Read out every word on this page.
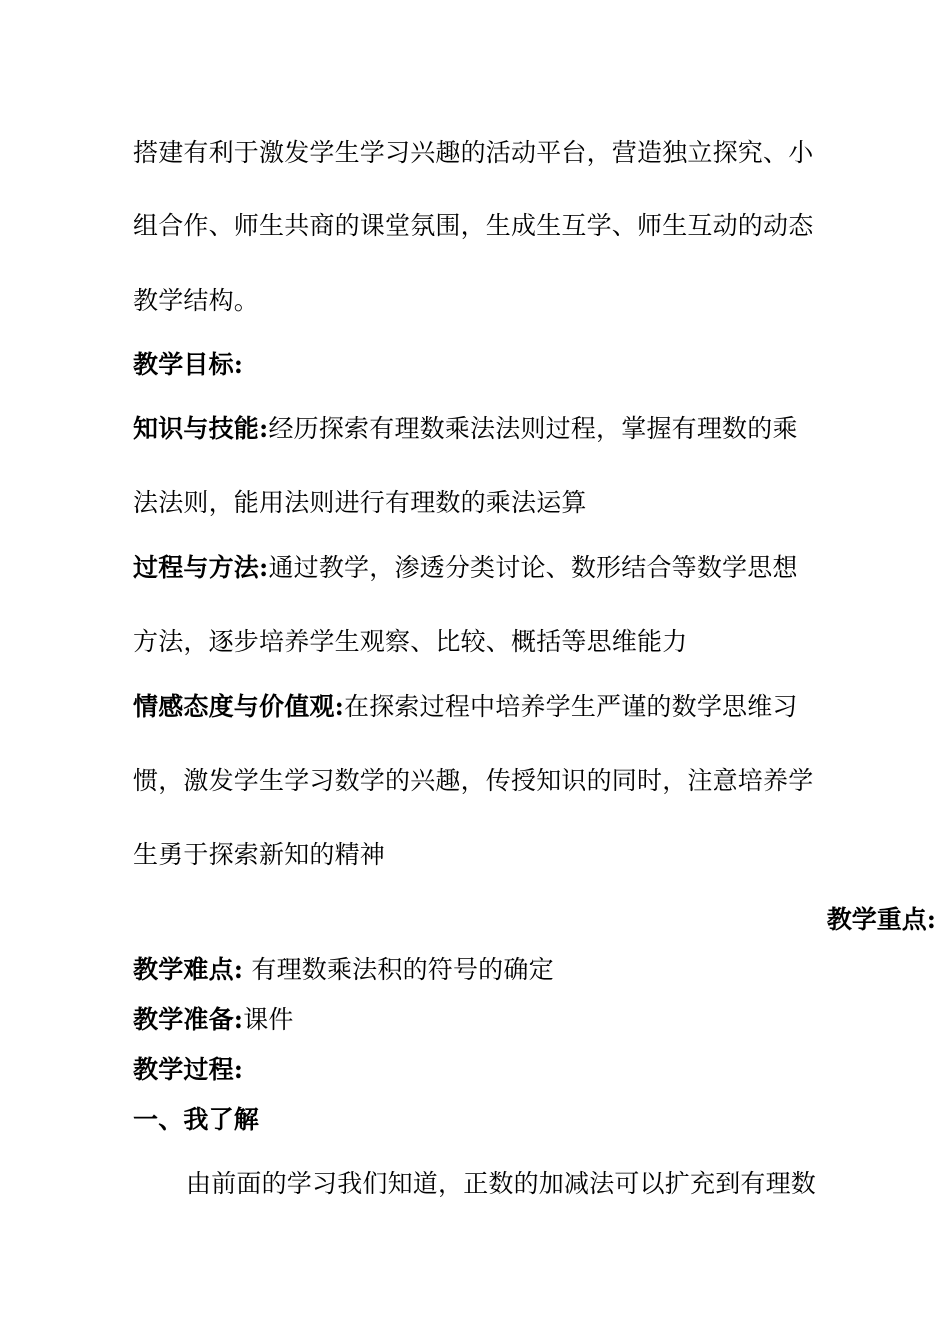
搭建有利于激发学生学习兴趣的活动平台，营造独立探究、小
组合作、师生共商的课堂氛围，生成生互学、师生互动的动态
教学结构。
教学目标:
知识与技能:经历探索有理数乘法法则过程，掌握有理数的乘
法法则，能用法则进行有理数的乘法运算
过程与方法:通过教学，渗透分类讨论、数形结合等数学思想
方法，逐步培养学生观察、比较、概括等思维能力
情感态度与价值观:在探索过程中培养学生严谨的数学思维习
惯，激发学生学习数学的兴趣，传授知识的同时，注意培养学
生勇于探索新知的精神
教学重点:
教学难点: 有理数乘法积的符号的确定
教学准备:课件
教学过程:
一、我了解
由前面的学习我们知道，正数的加减法可以扩充到有理数
